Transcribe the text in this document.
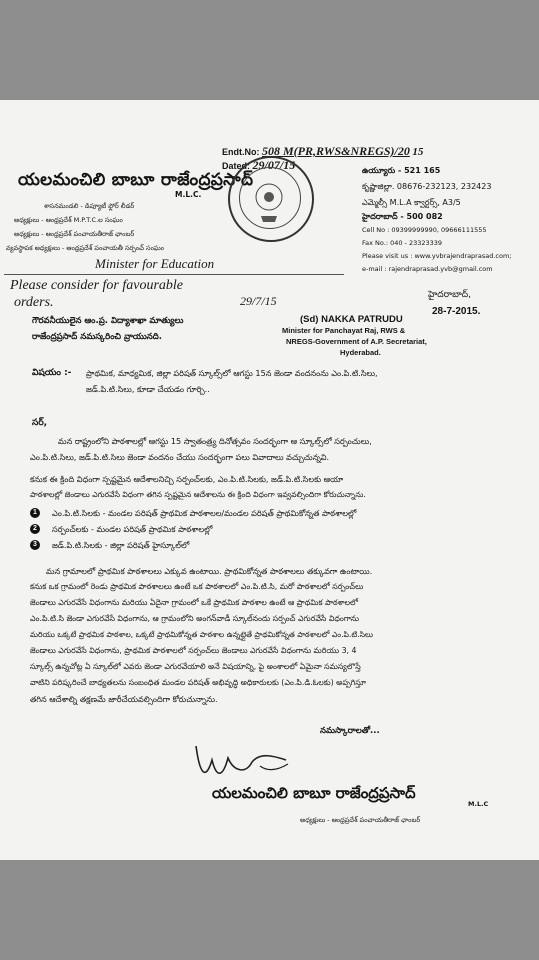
Endt.No: 508 M(PR,RWS&NREGS)/20 15
Dated: 29/07/15
యలమంచిలి బాబూ రాజేంద్రప్రసాద్
M.L.C.
శాసనమండలి - డిప్యూటీ ఫ్లోర్ లీడర్
అధ్యక్షులు - ఆంధ్రప్రదేశ్ M.P.T.C.ల సంఘం
అధ్యక్షులు - ఆంధ్రప్రదేశ్ పంచాయతీరాజ్ ఛాంబర్
వ్యవస్థాపక అధ్యక్షులు - ఆంధ్రప్రదేశ్ పంచాయతీ సర్పంచ్ సంఘం
Minister for Education
ఉయ్యూరు - 521 165
కృష్ణాజిల్లా. 08676-232123, 232423
ఎమ్మెల్సీ M.L.A క్వార్టర్స్, A3/5
హైదరాబాద్ - 500 082
Cell No : 09399999990, 09666111555
Fax No.: 040 - 23323339
Please visit us : www.yvbrajendraprasad.com;
e-mail : rajendraprasad.yvb@gmail.com
Please consider for favourable
orders.	29/7/15
(Sd) NAKKA PATRUDU
Minister for Panchayat Raj, RWS &
NREGS-Government of A.P. Secretariat,
Hyderabad.
హైదరాబాద్,
28-7-2015.
గౌరవనీయులైన ఆం.ప్ర. విద్యాశాఖా మాత్యులు
రాజేంద్రప్రసాద్ నమస్కరించి వ్రాయునది.
విషయం :- ప్రాథమిక, మాధ్యమిక, జిల్లా పరిషత్ స్కూల్స్‌లో ఆగస్టు 15న జెండా వందనంను ఎం.పి.టి.సిలు,
జడ్.పి.టి.సిలు, కూడా చేయడం గూర్చి..
సర్,
మన రాష్ట్రంలోని పాఠశాలల్లో ఆగస్టు 15 స్వాతంత్ర్య దినోత్సవం సందర్భంగా ఆ స్కూల్స్‌లో సర్పంచులు,
ఎం.పి.టి.సిలు, జడ్.పి.టి.సిలు జెండా వందనం చేయు సందర్భంగా పలు వివాదాలు వచ్చుచున్నవి.
కనుక ఈ క్రింది విధంగా స్పష్టమైన ఆదేశాలనిచ్చి సర్పంచ్‌లకు, ఎం.పి.టి.సిలకు, జడ్.పి.టి.సిలకు ఆయా
పాఠశాలల్లో జెండాలు ఎగురవేసే విధంగా తగిన స్పష్టమైన ఆదేశాలను ఈ క్రింది విధంగా ఇవ్వవల్సిందిగా కోరుచున్నాను.
1	ఎం.పి.టి.సిలకు - మండల పరిషత్ ప్రాథమిక పాఠశాలల/మండల పరిషత్ ప్రాథమికోన్నత పాఠశాలల్లో
2	సర్పంచ్‌లకు - మండల పరిషత్ ప్రాథమిక పాఠశాలల్లో
3	జడ్.పి.టి.సిలకు - జిల్లా పరిషత్ హైస్కూల్‌లో
మన గ్రామాలలో ప్రాథమిక పాఠశాలలు ఎక్కువ ఉంటాయి. ప్రాథమికోన్నత పాఠశాలలు తక్కువగా ఉంటాయి.
కనుక ఒక గ్రామంలో రెండు ప్రాథమిక పాఠశాలలు ఉంటే ఒక పాఠశాలలో ఎం.పి.టి.సి, మరో పాఠశాలలో సర్పంచ్‌లు
జెండాలు ఎగురవేసే విధంగాను మరియు ఏదైనా గ్రామంలో ఒకే ప్రాథమిక పాఠశాల ఉంటే ఆ ప్రాథమిక పాఠశాలలో
ఎం.పి.టి.సి జెండా ఎగురవేసే విధంగాను, ఆ గ్రామంలోని అంగన్‌వాడీ స్కూల్‌నందు సర్పంచ్ ఎగురవేసే విధంగాను
మరియు ఒక్కటే ప్రాథమిక పాఠశాల, ఒక్కటే ప్రాథమికోన్నత పాఠశాల ఉన్నట్లైతే ప్రాథమికోన్నత పాఠశాలలో ఎం.పి.టి.సిలు
జెండాలు ఎగురవేసే విధంగాను, ప్రాథమిక పాఠశాలలో సర్పంచ్‌లు జెండాలు ఎగురవేసే విధంగాను మరియు 3, 4
స్కూల్స్ ఉన్నచోట్ల ఏ స్కూల్‌లో ఎవరు జెండా ఎగురవేయాలి అనే విషయాన్ని, పై అంశాలలో ఏమైనా సమస్యలొస్తే
వాటిని పరిష్కరించే బాధ్యతలను సంబంధిత మండల పరిషత్ అభివృద్ధి అధికారులకు (ఎం.పి.డి.ఓలకు) అప్పగిస్తూ
తగిన ఆదేశాల్ని తక్షణమే జారీచేయవల్సిందిగా కోరుచున్నాను.
నమస్కారాలతో...
యలమంచిలి బాబూ రాజేంద్రప్రసాద్
M.L.C
అధ్యక్షులు - ఆంధ్రప్రదేశ్ పంచాయతీరాజ్ ఛాంబర్
